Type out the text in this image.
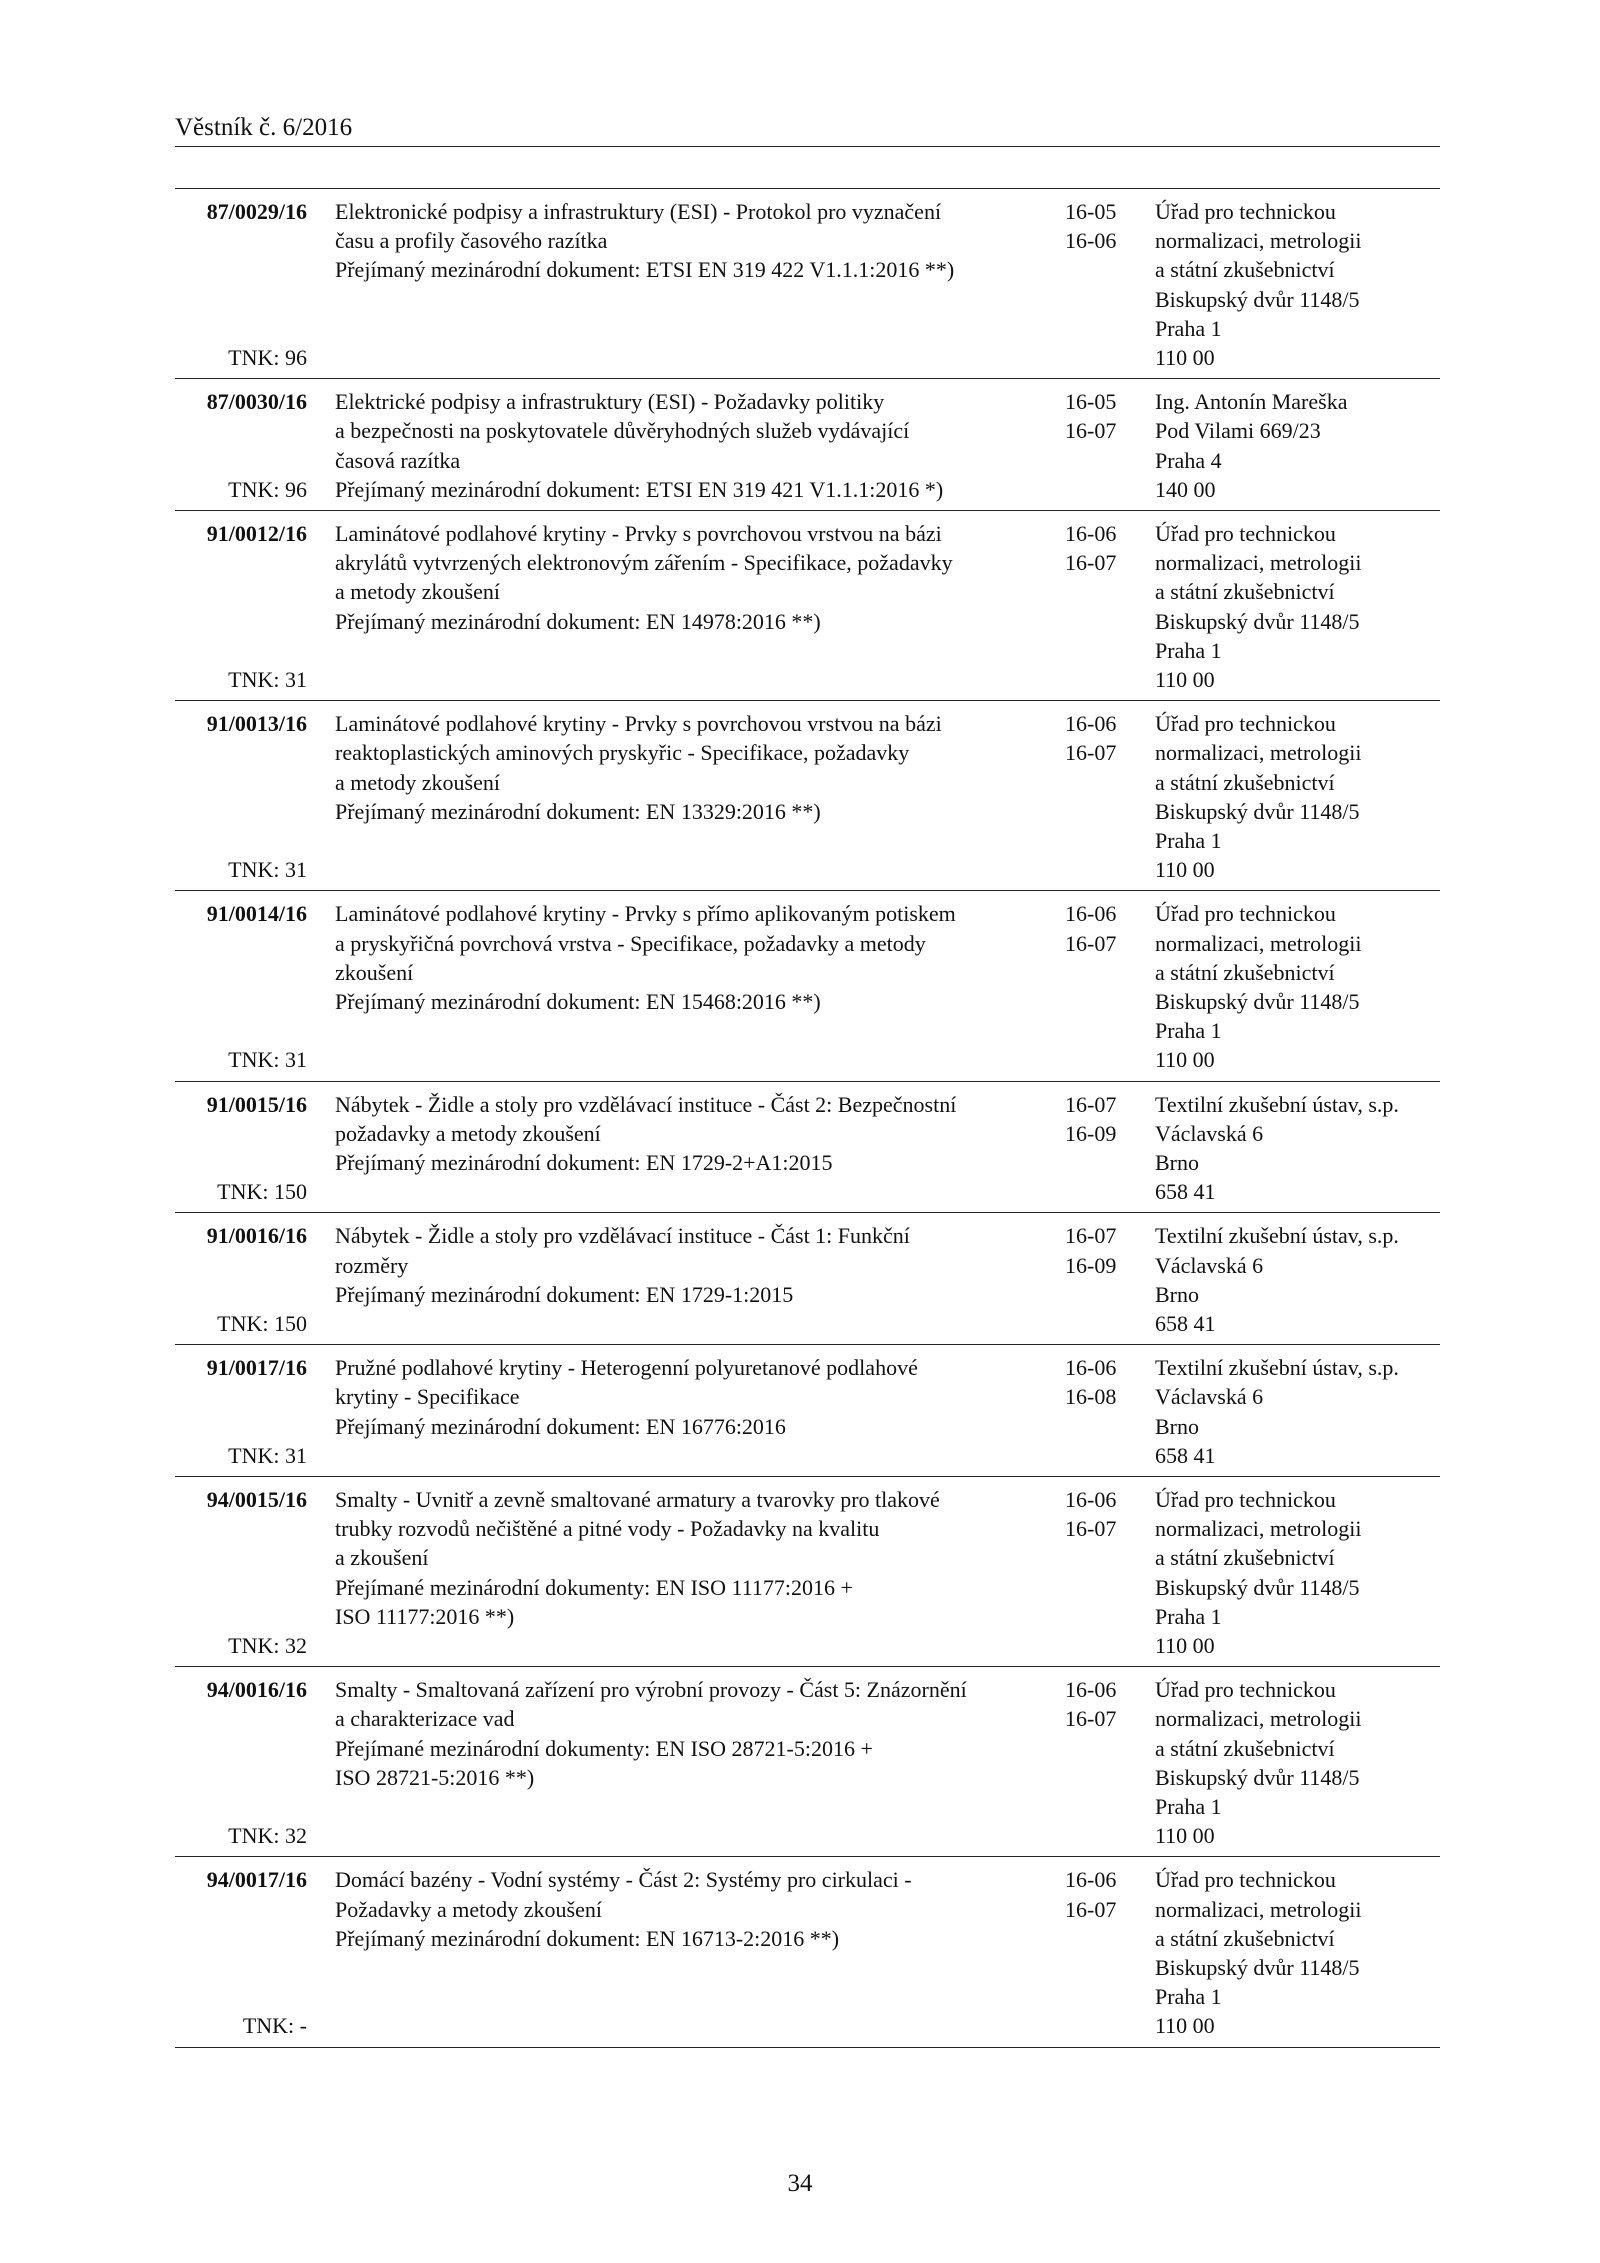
Věstník č. 6/2016
87/0029/16
TNK: 96
Elektronické podpisy a infrastruktury (ESI) - Protokol pro vyznačení
času a profily časového razítka
Přejímaný mezinárodní dokument: ETSI EN 319 422 V1.1.1:2016 **)
16-05
16-06
Úřad pro technickou
normalizaci, metrologii
a státní zkušebnictví
Biskupský dvůr 1148/5
Praha 1
110 00
87/0030/16
TNK: 96
Elektrické podpisy a infrastruktury (ESI) - Požadavky politiky
a bezpečnosti na poskytovatele důvěryhodných služeb vydávající
časová razítka
Přejímaný mezinárodní dokument: ETSI EN 319 421 V1.1.1:2016 *)
16-05
16-07
Ing. Antonín Mareška
Pod Vilami 669/23
Praha 4
140 00
91/0012/16
TNK: 31
Laminátové podlahové krytiny - Prvky s povrchovou vrstvou na bázi
akrylátů vytvrzených elektronovým zářením - Specifikace, požadavky
a metody zkoušení
Přejímaný mezinárodní dokument: EN 14978:2016 **)
16-06
16-07
Úřad pro technickou
normalizaci, metrologii
a státní zkušebnictví
Biskupský dvůr 1148/5
Praha 1
110 00
91/0013/16
TNK: 31
Laminátové podlahové krytiny - Prvky s povrchovou vrstvou na bázi
reaktoplastických aminových pryskyřic - Specifikace, požadavky
a metody zkoušení
Přejímaný mezinárodní dokument: EN 13329:2016 **)
16-06
16-07
Úřad pro technickou
normalizaci, metrologii
a státní zkušebnictví
Biskupský dvůr 1148/5
Praha 1
110 00
91/0014/16
TNK: 31
Laminátové podlahové krytiny - Prvky s přímo aplikovaným potiskem
a pryskyřičná povrchová vrstva - Specifikace, požadavky a metody
zkoušení
Přejímaný mezinárodní dokument: EN 15468:2016 **)
16-06
16-07
Úřad pro technickou
normalizaci, metrologii
a státní zkušebnictví
Biskupský dvůr 1148/5
Praha 1
110 00
91/0015/16
TNK: 150
Nábytek - Židle a stoly pro vzdělávací instituce - Část 2: Bezpečnostní
požadavky a metody zkoušení
Přejímaný mezinárodní dokument: EN 1729-2+A1:2015
16-07
16-09
Textilní zkušební ústav, s.p.
Václavská 6
Brno
658 41
91/0016/16
TNK: 150
Nábytek - Židle a stoly pro vzdělávací instituce - Část 1: Funkční
rozměry
Přejímaný mezinárodní dokument: EN 1729-1:2015
16-07
16-09
Textilní zkušební ústav, s.p.
Václavská 6
Brno
658 41
91/0017/16
TNK: 31
Pružné podlahové krytiny - Heterogenní polyuretanové podlahové
krytiny - Specifikace
Přejímaný mezinárodní dokument: EN 16776:2016
16-06
16-08
Textilní zkušební ústav, s.p.
Václavská 6
Brno
658 41
94/0015/16
TNK: 32
Smalty - Uvnitř a zevně smaltované armatury a tvarovky pro tlakové
trubky rozvodů nečištěné a pitné vody - Požadavky na kvalitu
a zkoušení
Přejímané mezinárodní dokumenty: EN ISO 11177:2016 +
ISO 11177:2016 **)
16-06
16-07
Úřad pro technickou
normalizaci, metrologii
a státní zkušebnictví
Biskupský dvůr 1148/5
Praha 1
110 00
94/0016/16
TNK: 32
Smalty - Smaltovaná zařízení pro výrobní provozy - Část 5: Znázornění
a charakterizace vad
Přejímané mezinárodní dokumenty: EN ISO 28721-5:2016 +
ISO 28721-5:2016 **)
16-06
16-07
Úřad pro technickou
normalizaci, metrologii
a státní zkušebnictví
Biskupský dvůr 1148/5
Praha 1
110 00
94/0017/16
TNK: -
Domácí bazény - Vodní systémy - Část 2: Systémy pro cirkulaci -
Požadavky a metody zkoušení
Přejímaný mezinárodní dokument: EN 16713-2:2016 **)
16-06
16-07
Úřad pro technickou
normalizaci, metrologii
a státní zkušebnictví
Biskupský dvůr 1148/5
Praha 1
110 00
34
